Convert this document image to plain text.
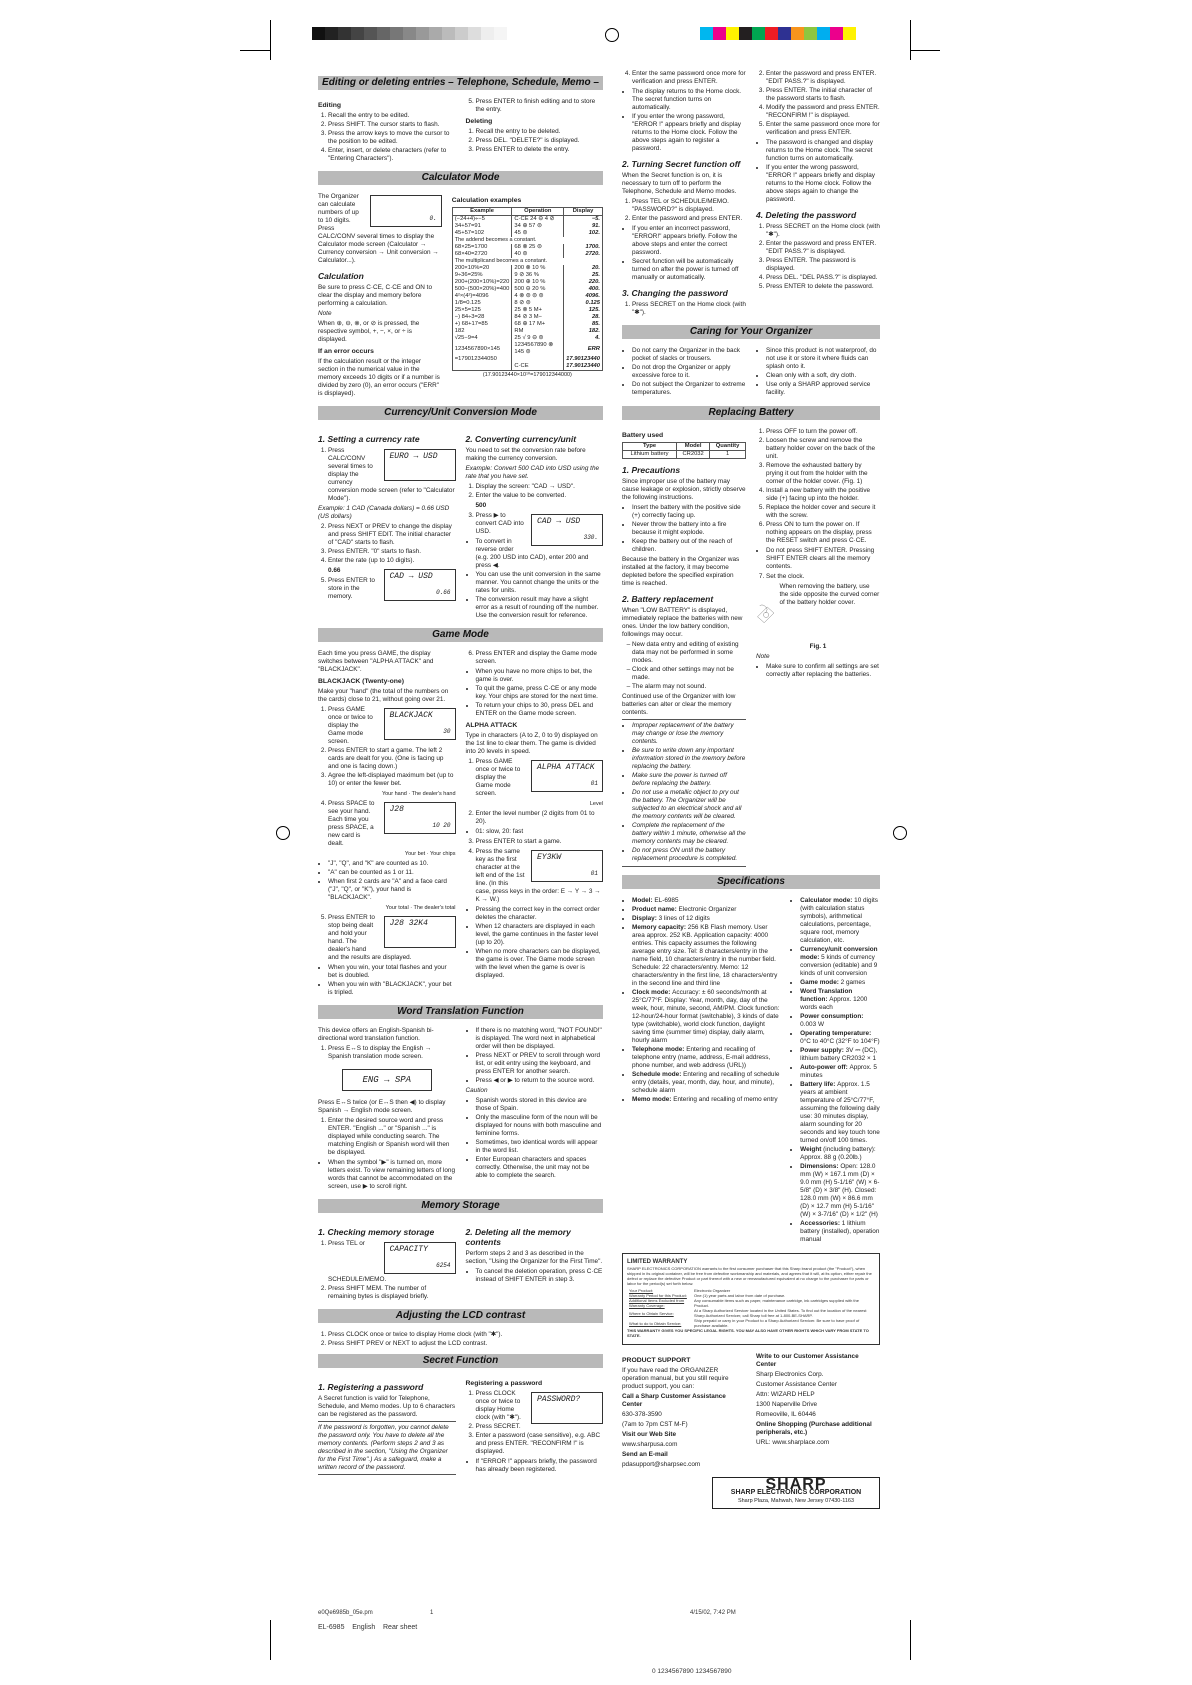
Editing or deleting entries – Telephone, Schedule, Memo –
Editing
1. Recall the entry to be edited.
2. Press SHIFT. The cursor starts to flash.
3. Press the arrow keys to move the cursor to the position to be edited.
4. Enter, insert, or delete characters (refer to "Entering Characters").
5. Press ENTER to finish editing and to store the entry.
Deleting
1. Recall the entry to be deleted.
2. Press DEL. "DELETE?" is displayed.
3. Press ENTER to delete the entry.
Calculator Mode
0.

The Organizer can calculate numbers of up to 10 digits. Press CALC/CONV several times to display the Calculator mode screen (Calculator → Currency conversion → Unit conversion → Calculator...).

Calculation

Be sure to press C·CE, C·CE and ON to clear the display and memory before performing a calculation.

Note

When ⊕, ⊖, ⊗, or ⊘ is pressed, the respective symbol, +, −, ×, or ÷ is displayed.

If an error occurs

If the calculation result or the integer section in the numerical value in the memory exceeds 10 digits or if a number is divided by zero (0), an error occurs ("ERR" is displayed).

Calculation examples
Example	Operation	Display
(−24+4)÷−5	C·CE 24 ⊖ 4 ⊘	−5.
34+57=91	34 ⊕ 57 ⊜	91.
45+57=102	45 ⊜	102.
The addend becomes a constant.		
68×25=1700	68 ⊗ 25 ⊜	1700.
68×40=2720	40 ⊜	2720.
The multiplicand becomes a constant.		
200×10%=20	200 ⊗ 10 %	20.
9÷36=25%	9 ⊘ 36 %	25.
200+(200×10%)=220	200 ⊕ 10 %	220.
500−(500×20%)=400	500 ⊖ 20 %	400.
4²×(4²)=4096	4 ⊗ ⊜ ⊜ ⊜	4096.
1/8=0.125	8 ⊘ ⊜	0.125
25×5=125	25 ⊗ 5 M+	125.
−) 84÷3=28	84 ⊘ 3 M−	28.
+) 68+17=85	68 ⊕ 17 M+	85.
182	RM	182.
√25−9=4	25 √ 9 ⊖ ⊜	4.
1234567890×145	1234567890 ⊗ 145 ⊜	ERR
=179012344050		17.90123440
	C·CE	17.90123440

(17.90123440×10¹⁰=179012344000)

Currency/Unit Conversion Mode
1. Setting a currency rate
EURO → USD
1. Press CALC/CONV several times to display the currency conversion mode screen (refer to "Calculator Mode").

Example: 1 CAD (Canada dollars) = 0.66 USD (US dollars)

2. Press NEXT or PREV to change the display and press SHIFT EDIT. The initial character of "CAD" starts to flash.
3. Press ENTER. "0" starts to flash.
4. Enter the rate (up to 10 digits).
CAD → USD
0.66

0.66

5. Press ENTER to store in the memory.
2. Converting currency/unit

You need to set the conversion rate before making the currency conversion.

Example: Convert 500 CAD into USD using the rate that you have set.

1. Display the screen: "CAD → USD".
2. Enter the value to be converted.

500

CAD → USD
330.
3. Press ▶ to convert CAD into USD.
• To convert in reverse order (e.g. 200 USD into CAD), enter 200 and press ◀.
• You can use the unit conversion in the same manner. You cannot change the units or the rates for units.
• The conversion result may have a slight error as a result of rounding off the number. Use the conversion result for reference.
Game Mode

Each time you press GAME, the display switches between "ALPHA ATTACK" and "BLACKJACK".

BLACKJACK (Twenty-one)

Make your "hand" (the total of the numbers on the cards) close to 21, without going over 21.

BLACKJACK
30
1. Press GAME once or twice to display the Game mode screen.
2. Press ENTER to start a game. The left 2 cards are dealt for you. (One is facing up and one is facing down.)
3. Agree the left-displayed maximum bet (up to 10) or enter the fewer bet.

Your hand · The dealer's hand

J28
10 20
4. Press SPACE to see your hand. Each time you press SPACE, a new card is dealt.

Your bet · Your chips

• "J", "Q", and "K" are counted as 10.
• "A" can be counted as 1 or 11.
• When first 2 cards are "A" and a face card ("J", "Q", or "K"), your hand is "BLACKJACK".

Your total · The dealer's total

J28 32K4
5. Press ENTER to stop being dealt and hold your hand. The dealer's hand and the results are displayed.
• When you win, your total flashes and your bet is doubled.
• When you win with "BLACKJACK", your bet is tripled.
6. Press ENTER and display the Game mode screen.
• When you have no more chips to bet, the game is over.
• To quit the game, press C·CE or any mode key. Your chips are stored for the next time.
• To return your chips to 30, press DEL and ENTER on the Game mode screen.
ALPHA ATTACK

Type in characters (A to Z, 0 to 9) displayed on the 1st line to clear them. The game is divided into 20 levels in speed.

ALPHA ATTACK
01
1. Press GAME once or twice to display the Game mode screen.

Level

2. Enter the level number (2 digits from 01 to 20).
• 01: slow, 20: fast
3. Press ENTER to start a game.
EY3KW
01
4. Press the same key as the first character at the left end of the 1st line. (In this case, press keys in the order: E → Y → 3 → K → W.)
• Pressing the correct key in the correct order deletes the character.
• When 12 characters are displayed in each level, the game continues in the faster level (up to 20).
• When no more characters can be displayed, the game is over. The Game mode screen with the level when the game is over is displayed.
Word Translation Function

This device offers an English-Spanish bi-directional word translation function.

1. Press E↔S to display the English → Spanish translation mode screen.
ENG → SPA

Press E↔S twice (or E↔S then ◀) to display Spanish → English mode screen.

1. Enter the desired source word and press ENTER. "English ..." or "Spanish ..." is displayed while conducting search. The matching English or Spanish word will then be displayed.
• When the symbol "▶" is turned on, more letters exist. To view remaining letters of long words that cannot be accommodated on the screen, use ▶ to scroll right.
• If there is no matching word, "NOT FOUND!" is displayed. The word next in alphabetical order will then be displayed.
• Press NEXT or PREV to scroll through word list, or edit entry using the keyboard, and press ENTER for another search.
• Press ◀ or ▶ to return to the source word.

Caution

• Spanish words stored in this device are those of Spain.
• Only the masculine form of the noun will be displayed for nouns with both masculine and feminine forms.
• Sometimes, two identical words will appear in the word list.
• Enter European characters and spaces correctly. Otherwise, the unit may not be able to complete the search.
Memory Storage
1. Checking memory storage
CAPACITY
6254
1. Press TEL or SCHEDULE/MEMO.
2. Press SHIFT MEM. The number of remaining bytes is displayed briefly.
2. Deleting all the memory contents

Perform steps 2 and 3 as described in the section, "Using the Organizer for the First Time".

• To cancel the deletion operation, press C·CE instead of SHIFT ENTER in step 3.
Adjusting the LCD contrast
1. Press CLOCK once or twice to display Home clock (with "✱").
2. Press SHIFT PREV or NEXT to adjust the LCD contrast.
Secret Function
1. Registering a password

A Secret function is valid for Telephone, Schedule, and Memo modes. Up to 6 characters can be registered as the password.

If the password is forgotten, you cannot delete the password only. You have to delete all the memory contents. (Perform steps 2 and 3 as described in the section, "Using the Organizer for the First Time".) As a safeguard, make a written record of the password.

Registering a password
PASSWORD?
1. Press CLOCK once or twice to display Home clock (with "✱").
2. Press SECRET.
3. Enter a password (case sensitive), e.g. ABC and press ENTER. "RECONFIRM !" is displayed.
• If "ERROR !" appears briefly, the password has already been registered.
4. Enter the same password once more for verification and press ENTER.
• The display returns to the Home clock. The secret function turns on automatically.
• If you enter the wrong password, "ERROR !" appears briefly and display returns to the Home clock. Follow the above steps again to register a password.
2. Turning Secret function off

When the Secret function is on, it is necessary to turn off to perform the Telephone, Schedule and Memo modes.

1. Press TEL or SCHEDULE/MEMO. "PASSWORD?" is displayed.
2. Enter the password and press ENTER.
• If you enter an incorrect password, "ERROR!" appears briefly. Follow the above steps and enter the correct password.
• Secret function will be automatically turned on after the power is turned off manually or automatically.
3. Changing the password
1. Press SECRET on the Home clock (with "✱").
2. Enter the password and press ENTER. "EDIT PASS.?" is displayed.
3. Press ENTER. The initial character of the password starts to flash.
4. Modify the password and press ENTER. "RECONFIRM !" is displayed.
5. Enter the same password once more for verification and press ENTER.
• The password is changed and display returns to the Home clock. The secret function turns on automatically.
• If you enter the wrong password, "ERROR !" appears briefly and display returns to the Home clock. Follow the above steps again to change the password.
4. Deleting the password
1. Press SECRET on the Home clock (with "✱").
2. Enter the password and press ENTER. "EDIT PASS.?" is displayed.
3. Press ENTER. The password is displayed.
4. Press DEL. "DEL PASS.?" is displayed.
5. Press ENTER to delete the password.
Caring for Your Organizer
• Do not carry the Organizer in the back pocket of slacks or trousers.
• Do not drop the Organizer or apply excessive force to it.
• Do not subject the Organizer to extreme temperatures.
• Since this product is not waterproof, do not use it or store it where fluids can splash onto it.
• Clean only with a soft, dry cloth.
• Use only a SHARP approved service facility.
Replacing Battery
Battery used
Type	Model	Quantity
Lithium battery	CR2032	1
1. Precautions

Since improper use of the battery may cause leakage or explosion, strictly observe the following instructions.

• Insert the battery with the positive side (+) correctly facing up.
• Never throw the battery into a fire because it might explode.
• Keep the battery out of the reach of children.

Because the battery in the Organizer was installed at the factory, it may become depleted before the specified expiration time is reached.

2. Battery replacement

When "LOW BATTERY" is displayed, immediately replace the batteries with new ones. Under the low battery condition, followings may occur.

– New data entry and editing of existing data may not be performed in some modes.
– Clock and other settings may not be made.
– The alarm may not sound.

Continued use of the Organizer with low batteries can alter or clear the memory contents.

• Improper replacement of the battery may change or lose the memory contents.
• Be sure to write down any important information stored in the memory before replacing the battery.
• Make sure the power is turned off before replacing the battery.
• Do not use a metallic object to pry out the battery. The Organizer will be subjected to an electrical shock and all the memory contents will be cleared.
• Complete the replacement of the battery within 1 minute, otherwise all the memory contents may be cleared.
• Do not press ON until the battery replacement procedure is completed.
1. Press OFF to turn the power off.
2. Loosen the screw and remove the battery holder cover on the back of the unit.
3. Remove the exhausted battery by prying it out from the holder with the corner of the holder cover. (Fig. 1)
4. Install a new battery with the positive side (+) facing up into the holder.
5. Replace the holder cover and secure it with the screw.
6. Press ON to turn the power on. If nothing appears on the display, press the RESET switch and press C·CE.
• Do not press SHIFT ENTER. Pressing SHIFT ENTER clears all the memory contents.
7. Set the clock.

When removing the battery, use the side opposite the curved corner of the battery holder cover.

Fig. 1

Note

• Make sure to confirm all settings are set correctly after replacing the batteries.
Specifications
• Model: EL-6985
• Product name: Electronic Organizer
• Display: 3 lines of 12 digits
• Memory capacity: 256 KB Flash memory. User area approx. 252 KB. Application capacity: 4000 entries. This capacity assumes the following average entry size. Tel: 8 characters/entry in the name field, 10 characters/entry in the number field. Schedule: 22 characters/entry. Memo: 12 characters/entry in the first line, 18 characters/entry in the second line and third line
• Clock mode: Accuracy: ± 60 seconds/month at 25°C/77°F. Display: Year, month, day, day of the week, hour, minute, second, AM/PM. Clock function: 12-hour/24-hour format (switchable), 3 kinds of date type (switchable), world clock function, daylight saving time (summer time) display, daily alarm, hourly alarm
• Telephone mode: Entering and recalling of telephone entry (name, address, E-mail address, phone number, and web address (URL))
• Schedule mode: Entering and recalling of schedule entry (details, year, month, day, hour, and minute), schedule alarm
• Memo mode: Entering and recalling of memo entry
• Calculator mode: 10 digits (with calculation status symbols), arithmetical calculations, percentage, square root, memory calculation, etc.
• Currency/unit conversion mode: 5 kinds of currency conversion (editable) and 9 kinds of unit conversion
• Game mode: 2 games
• Word Translation function: Approx. 1200 words each
• Power consumption: 0.003 W
• Operating temperature: 0°C to 40°C (32°F to 104°F)
• Power supply: 3V ⎓ (DC), lithium battery CR2032 × 1
• Auto-power off: Approx. 5 minutes
• Battery life: Approx. 1.5 years at ambient temperature of 25°C/77°F, assuming the following daily use: 30 minutes display, alarm sounding for 20 seconds and key touch tone turned on/off 100 times.
• Weight (including battery): Approx. 88 g (0.20lb.)
• Dimensions: Open: 128.0 mm (W) × 167.1 mm (D) × 9.0 mm (H) 5-1/16" (W) × 6-5/8" (D) × 3/8" (H). Closed: 128.0 mm (W) × 86.6 mm (D) × 12.7 mm (H) 5-1/16" (W) × 3-7/16" (D) × 1/2" (H)
• Accessories: 1 lithium battery (installed), operation manual
LIMITED WARRANTY

SHARP ELECTRONICS CORPORATION warrants to the first consumer purchaser that this Sharp brand product (the "Product"), when shipped in its original container, will be free from defective workmanship and materials, and agrees that it will, at its option, either repair the defect or replace the defective Product or part thereof with a new or remanufactured equivalent at no charge to the purchaser for parts or labor for the period(s) set forth below.

Your Product:	Electronic Organizer
Warranty Period for this Product:	One (1) year parts and labor from date of purchase.
Additional Items Excluded from Warranty Coverage:	Any consumable items such as paper, maintenance cartridge, ink cartridges supplied with the Product.
Where to Obtain Service:	At a Sharp Authorized Servicer located in the United States. To find out the location of the nearest Sharp Authorized Servicer, call Sharp toll free at 1-800-BE-SHARP.
What to do to Obtain Service:	Ship prepaid or carry in your Product to a Sharp Authorized Servicer. Be sure to have proof of purchase available.

THIS WARRANTY GIVES YOU SPECIFIC LEGAL RIGHTS. YOU MAY ALSO HAVE OTHER RIGHTS WHICH VARY FROM STATE TO STATE.

PRODUCT SUPPORT

If you have read the ORGANIZER operation manual, but you still require product support, you can:

Call a Sharp Customer Assistance Center

630-378-3590

(7am to 7pm CST M-F)

Visit our Web Site

www.sharpusa.com

Send an E-mail

pdasupport@sharpsec.com

Write to our Customer Assistance Center

Sharp Electronics Corp.

Customer Assistance Center

Attn: WIZARD HELP

1300 Naperville Drive

Romeoville, IL 60446

Online Shopping (Purchase additional peripherals, etc.)

URL: www.sharplace.com

SHARP
SHARP ELECTRONICS CORPORATION
Sharp Plaza, Mahwah, New Jersey 07430-1163
e0Qe6985b_05e.pm	1	4/15/02, 7:42 PM
EL-6985 English Rear sheet
0 1234567890 1234567890
